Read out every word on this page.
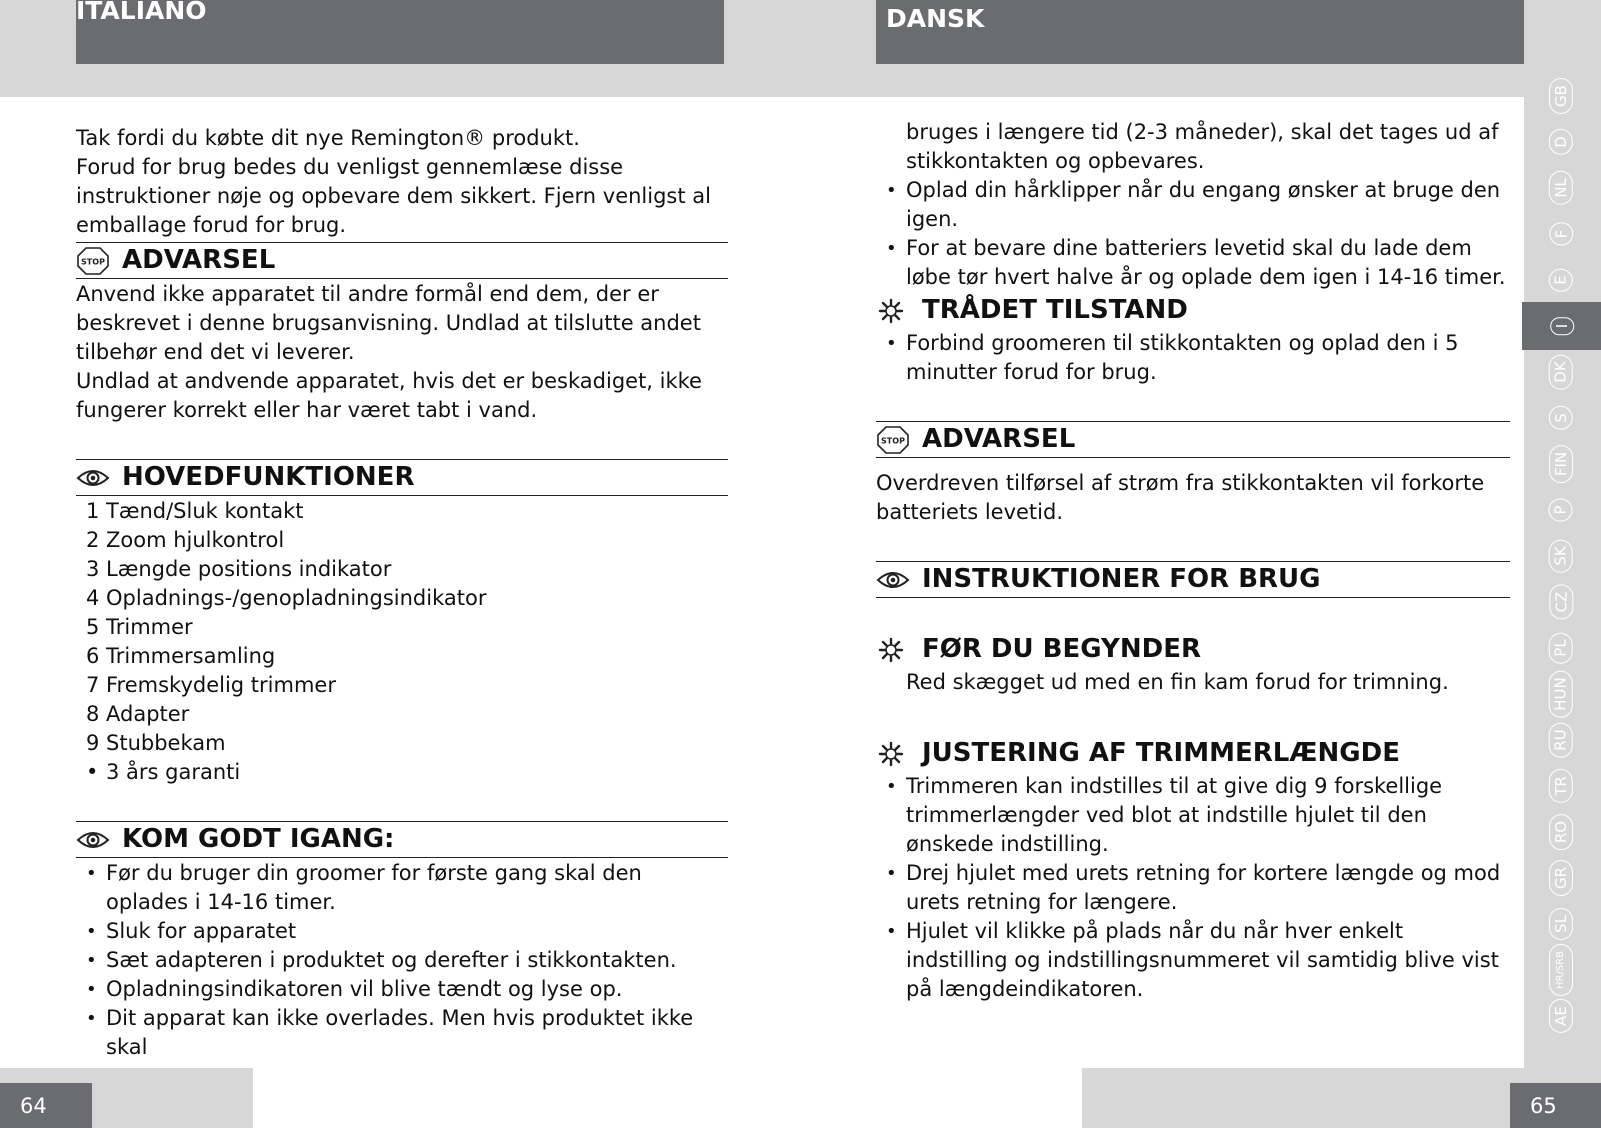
ITALIANO	DANSK
Tak fordi du købte dit nye Remington® produkt.
Forud for brug bedes du venligst gennemlæse disse instruktioner nøje og opbevare dem sikkert. Fjern venligst al emballage forud for brug.
STOP ADVARSEL
Anvend ikke apparatet til andre formål end dem, der er beskrevet i denne brugsanvisning. Undlad at tilslutte andet tilbehør end det vi leverer.
Undlad at andvende apparatet, hvis det er beskadiget, ikke fungerer korrekt eller har været tabt i vand.
HOVEDFUNKTIONER
1 Tænd/Sluk kontakt
2 Zoom hjulkontrol
3 Længde positions indikator
4 Opladnings-/genopladningsindikator
5 Trimmer
6 Trimmersamling
7 Fremskydelig trimmer
8 Adapter
9 Stubbekam
• 3 års garanti
KOM GODT IGANG:
• Før du bruger din groomer for første gang skal den oplades i 14-16 timer.
• Sluk for apparatet
• Sæt adapteren i produktet og derefter i stikkontakten.
• Opladningsindikatoren vil blive tændt og lyse op.
• Dit apparat kan ikke overlades. Men hvis produktet ikke skal
bruges i længere tid (2-3 måneder), skal det tages ud af stikkontakten og opbevares.
• Oplad din hårklipper når du engang ønsker at bruge den igen.
• For at bevare dine batteriers levetid skal du lade dem løbe tør hvert halve år og oplade dem igen i 14-16 timer.
TRÅDET TILSTAND
• Forbind groomeren til stikkontakten og oplad den i 5 minutter forud for brug.
STOP ADVARSEL
Overdreven tilførsel af strøm fra stikkontakten vil forkorte batteriets levetid.
INSTRUKTIONER FOR BRUG
FØR DU BEGYNDER
Red skægget ud med en fin kam forud for trimning.
JUSTERING AF TRIMMERLÆNGDE
• Trimmeren kan indstilles til at give dig 9 forskellige trimmerlængder ved blot at indstille hjulet til den ønskede indstilling.
• Drej hjulet med urets retning for kortere længde og mod urets retning for længere.
• Hjulet vil klikke på plads når du når hver enkelt indstilling og indstillingsnummeret vil samtidig blive vist på længdeindikatoren.
GB
D
NL
F
E
I
DK
S
FIN
P
SK
CZ
PL
HUN
RU
TR
RO
GR
SL
HR/SRB
AE
64	65
